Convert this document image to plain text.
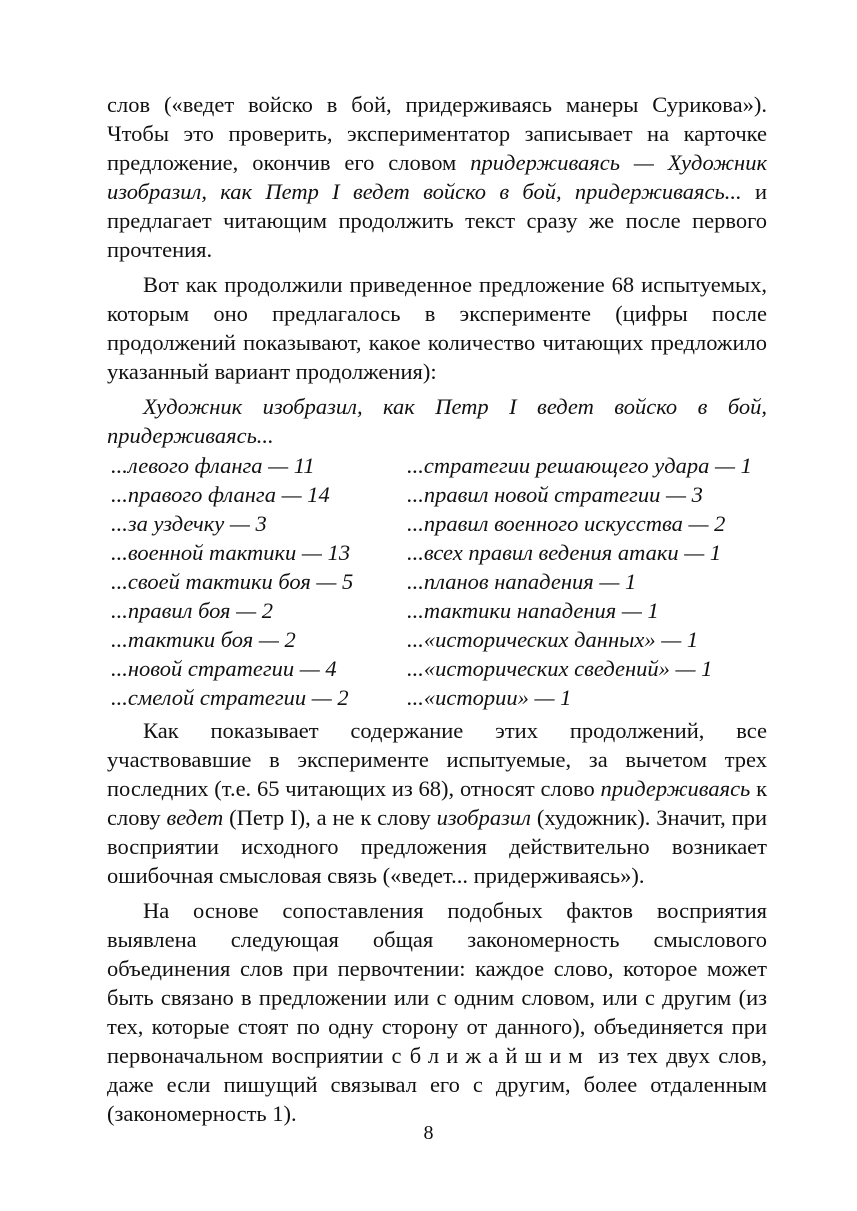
слов («ведет войско в бой, придерживаясь манеры Сурикова»). Чтобы это проверить, экспериментатор записывает на карточке предложение, окончив его словом придерживаясь — Художник изобразил, как Петр I ведет войско в бой, придерживаясь... и предлагает читающим продолжить текст сразу же после первого прочтения.

Вот как продолжили приведенное предложение 68 испытуемых, которым оно предлагалось в эксперименте (цифры после продолжений показывают, какое количество читающих предложило указанный вариант продолжения):

Художник изобразил, как Петр I ведет войско в бой, придерживаясь...

...левого фланга — 11
...правого фланга — 14
...за уздечку — 3
...военной тактики — 13
...своей тактики боя — 5
...правил боя — 2
...тактики боя — 2
...новой стратегии — 4
...смелой стратегии — 2
...стратегии решающего удара — 1
...правил новой стратегии — 3
...правил военного искусства — 2
...всех правил ведения атаки — 1
...планов нападения — 1
...тактики нападения — 1
...«исторических данных» — 1
...«исторических сведений» — 1
...«истории» — 1

Как показывает содержание этих продолжений, все участвовавшие в эксперименте испытуемые, за вычетом трех последних (т.е. 65 читающих из 68), относят слово придерживаясь к слову ведет (Петр I), а не к слову изобразил (художник). Значит, при восприятии исходного предложения действительно возникает ошибочная смысловая связь («ведет... придерживаясь»).

На основе сопоставления подобных фактов восприятия выявлена следующая общая закономерность смыслового объединения слов при первочтении: каждое слово, которое может быть связано в предложении или с одним словом, или с другим (из тех, которые стоят по одну сторону от данного), объединяется при первоначальном восприятии с ближайшим из тех двух слов, даже если пишущий связывал его с другим, более отдаленным (закономерность 1).

8
